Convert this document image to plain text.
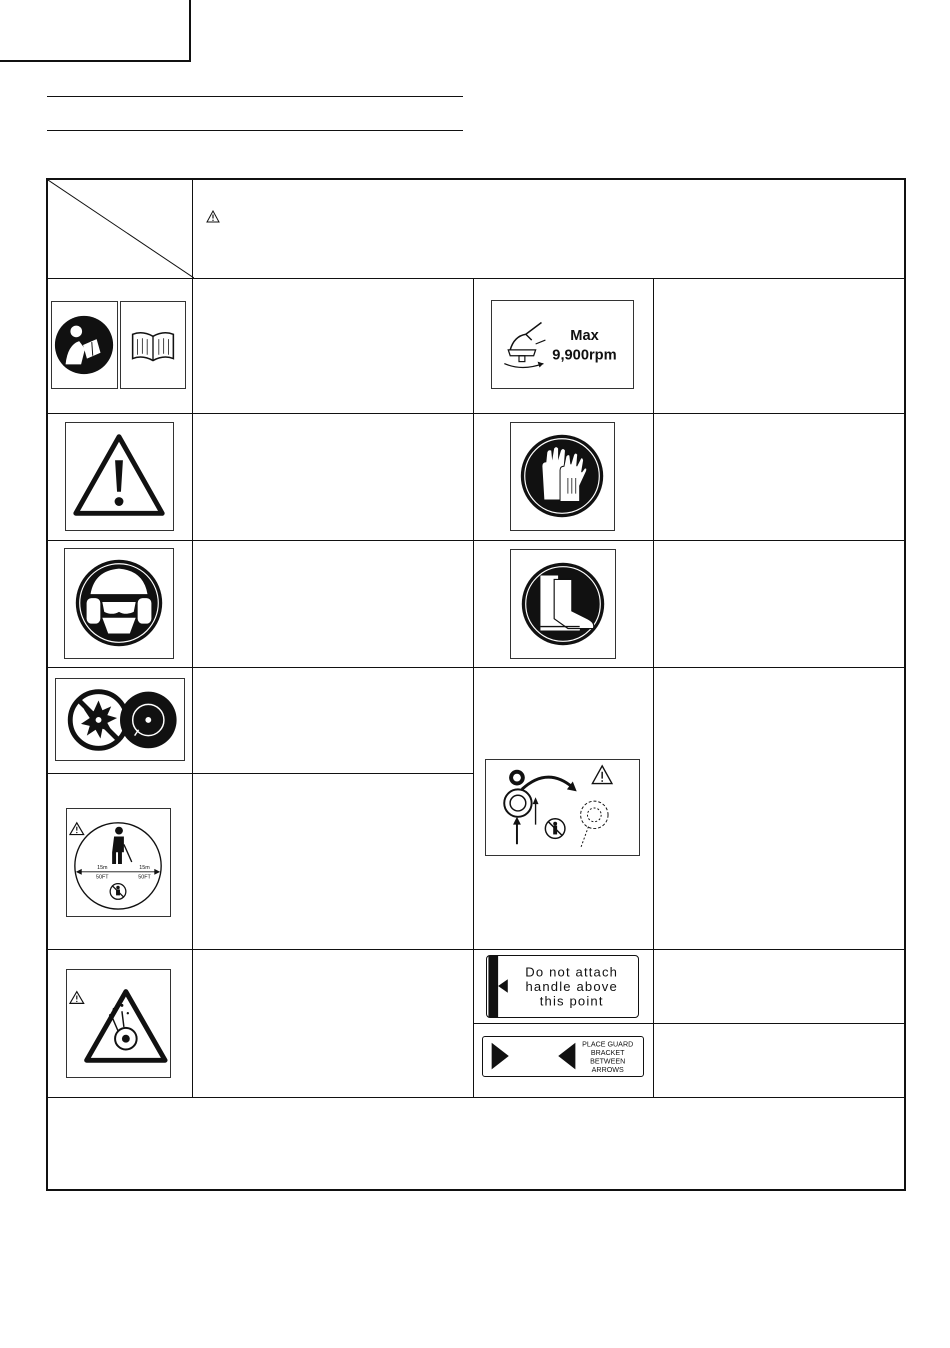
Max
9,900rpm
15m
50FT
15m
50FT
Do not attach
handle above
this point
PLACE GUARD
BRACKET
BETWEEN
ARROWS
